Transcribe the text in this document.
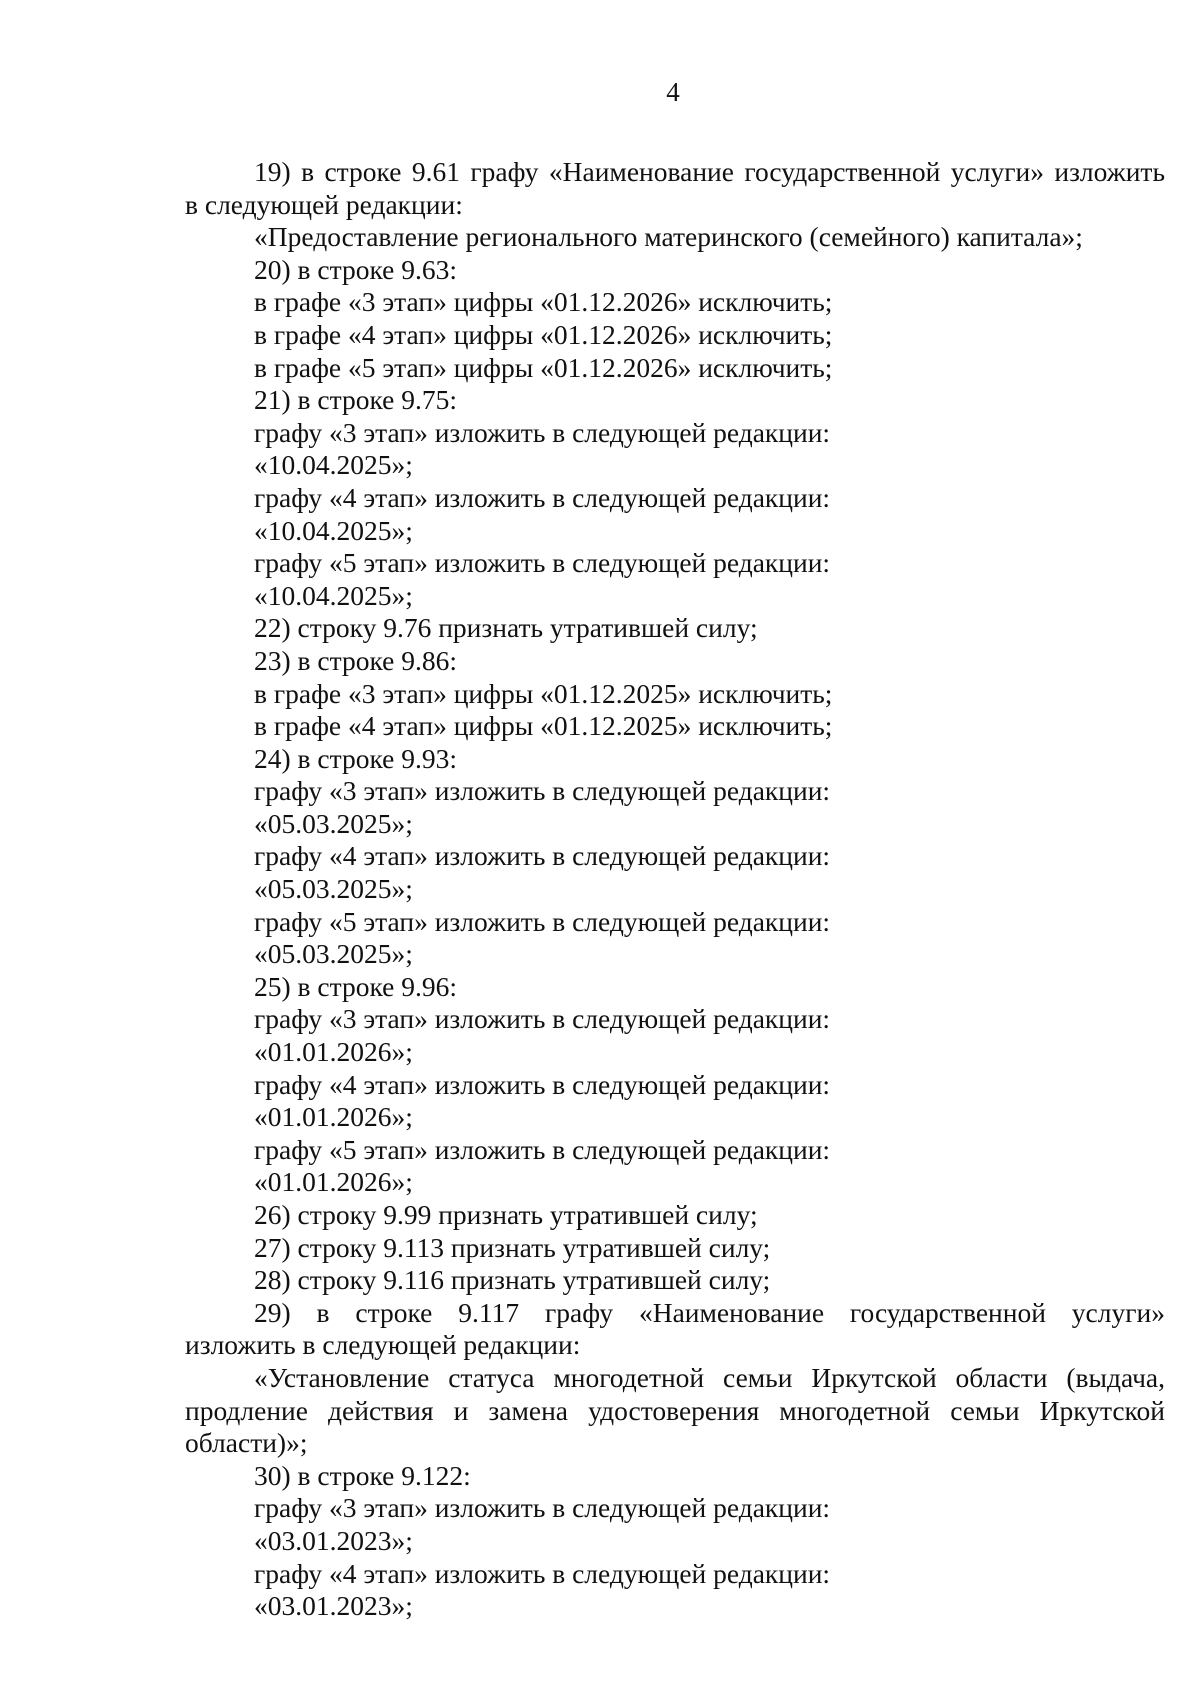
4
19) в строке 9.61 графу «Наименование государственной услуги» изложить
в следующей редакции:
«Предоставление регионального материнского (семейного) капитала»;
20) в строке 9.63:
в графе «3 этап» цифры «01.12.2026» исключить;
в графе «4 этап» цифры «01.12.2026» исключить;
в графе «5 этап» цифры «01.12.2026» исключить;
21) в строке 9.75:
графу «3 этап» изложить в следующей редакции:
«10.04.2025»;
графу «4 этап» изложить в следующей редакции:
«10.04.2025»;
графу «5 этап» изложить в следующей редакции:
«10.04.2025»;
22) строку 9.76 признать утратившей силу;
23) в строке 9.86:
в графе «3 этап» цифры «01.12.2025» исключить;
в графе «4 этап» цифры «01.12.2025» исключить;
24) в строке 9.93:
графу «3 этап» изложить в следующей редакции:
«05.03.2025»;
графу «4 этап» изложить в следующей редакции:
«05.03.2025»;
графу «5 этап» изложить в следующей редакции:
«05.03.2025»;
25) в строке 9.96:
графу «3 этап» изложить в следующей редакции:
«01.01.2026»;
графу «4 этап» изложить в следующей редакции:
«01.01.2026»;
графу «5 этап» изложить в следующей редакции:
«01.01.2026»;
26) строку 9.99 признать утратившей силу;
27) строку 9.113 признать утратившей силу;
28) строку 9.116 признать утратившей силу;
29) в строке 9.117 графу «Наименование государственной услуги»
изложить в следующей редакции:
«Установление статуса многодетной семьи Иркутской области (выдача,
продление действия и замена удостоверения многодетной семьи Иркутской
области)»;
30) в строке 9.122:
графу «3 этап» изложить в следующей редакции:
«03.01.2023»;
графу «4 этап» изложить в следующей редакции:
«03.01.2023»;
